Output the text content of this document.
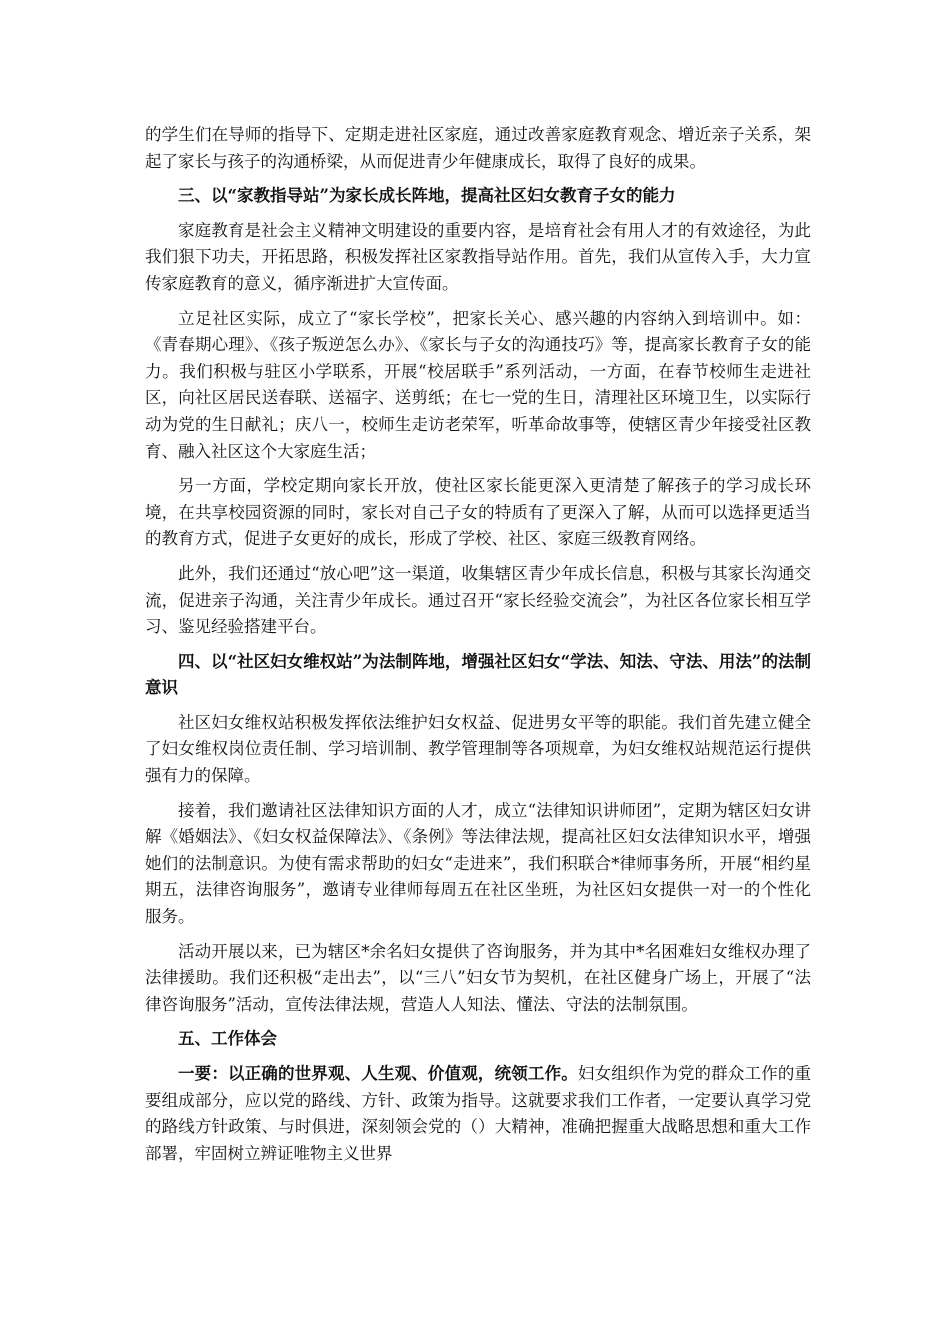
的学生们在导师的指导下、定期走进社区家庭，通过改善家庭教育观念、增近亲子关系，架起了家长与孩子的沟通桥梁，从而促进青少年健康成长，取得了良好的成果。

三、以“家教指导站”为家长成长阵地，提高社区妇女教育子女的能力

家庭教育是社会主义精神文明建设的重要内容，是培育社会有用人才的有效途径，为此我们狠下功夫，开拓思路，积极发挥社区家教指导站作用。首先，我们从宣传入手，大力宣传家庭教育的意义，循序渐进扩大宣传面。

立足社区实际，成立了“家长学校”，把家长关心、感兴趣的内容纳入到培训中。如：《青春期心理》、《孩子叛逆怎么办》、《家长与子女的沟通技巧》等，提高家长教育子女的能力。我们积极与驻区小学联系，开展“校居联手”系列活动，一方面，在春节校师生走进社区，向社区居民送春联、送福字、送剪纸；在七一党的生日，清理社区环境卫生，以实际行动为党的生日献礼；庆八一，校师生走访老荣军，听革命故事等，使辖区青少年接受社区教育、融入社区这个大家庭生活；

另一方面，学校定期向家长开放，使社区家长能更深入更清楚了解孩子的学习成长环境，在共享校园资源的同时，家长对自己子女的特质有了更深入了解，从而可以选择更适当的教育方式，促进子女更好的成长，形成了学校、社区、家庭三级教育网络。

此外，我们还通过“放心吧”这一渠道，收集辖区青少年成长信息，积极与其家长沟通交流，促进亲子沟通，关注青少年成长。通过召开“家长经验交流会”，为社区各位家长相互学习、鉴见经验搭建平台。

四、以“社区妇女维权站”为法制阵地，增强社区妇女“学法、知法、守法、用法”的法制意识

社区妇女维权站积极发挥依法维护妇女权益、促进男女平等的职能。我们首先建立健全了妇女维权岗位责任制、学习培训制、教学管理制等各项规章，为妇女维权站规范运行提供强有力的保障。

接着，我们邀请社区法律知识方面的人才，成立“法律知识讲师团”，定期为辖区妇女讲解《婚姻法》、《妇女权益保障法》、《条例》等法律法规，提高社区妇女法律知识水平，增强她们的法制意识。为使有需求帮助的妇女“走进来”，我们积联合*律师事务所，开展“相约星期五，法律咨询服务”，邀请专业律师每周五在社区坐班，为社区妇女提供一对一的个性化服务。

活动开展以来，已为辖区*余名妇女提供了咨询服务，并为其中*名困难妇女维权办理了法律援助。我们还积极“走出去”，以“三八”妇女节为契机，在社区健身广场上，开展了“法律咨询服务”活动，宣传法律法规，营造人人知法、懂法、守法的法制氛围。

五、工作体会

一要：以正确的世界观、人生观、价值观，统领工作。妇女组织作为党的群众工作的重要组成部分，应以党的路线、方针、政策为指导。这就要求我们工作者，一定要认真学习党的路线方针政策、与时俱进，深刻领会党的（）大精神，准确把握重大战略思想和重大工作部署，牢固树立辨证唯物主义世界
